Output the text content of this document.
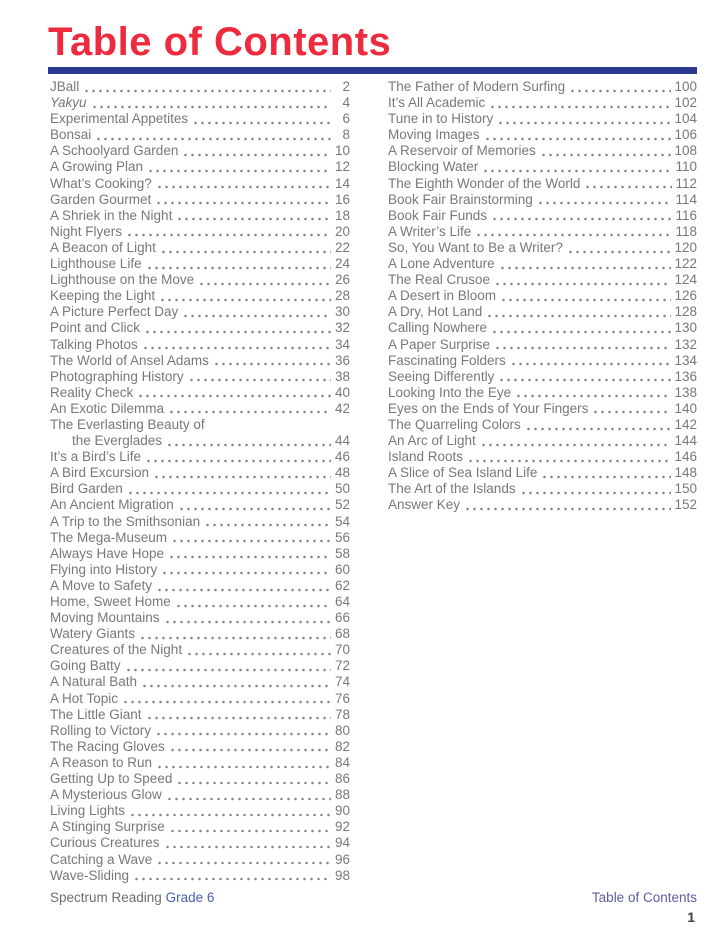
Table of Contents
JBall	2
Yakyu	4
Experimental Appetites	6
Bonsai	8
A Schoolyard Garden	10
A Growing Plan	12
What’s Cooking?	14
Garden Gourmet	16
A Shriek in the Night	18
Night Flyers	20
A Beacon of Light	22
Lighthouse Life	24
Lighthouse on the Move	26
Keeping the Light	28
A Picture Perfect Day	30
Point and Click	32
Talking Photos	34
The World of Ansel Adams	36
Photographing History	38
Reality Check	40
An Exotic Dilemma	42
The Everlasting Beauty of
the Everglades	44
It’s a Bird’s Life	46
A Bird Excursion	48
Bird Garden	50
An Ancient Migration	52
A Trip to the Smithsonian	54
The Mega-Museum	56
Always Have Hope	58
Flying into History	60
A Move to Safety	62
Home, Sweet Home	64
Moving Mountains	66
Watery Giants	68
Creatures of the Night	70
Going Batty	72
A Natural Bath	74
A Hot Topic	76
The Little Giant	78
Rolling to Victory	80
The Racing Gloves	82
A Reason to Run	84
Getting Up to Speed	86
A Mysterious Glow	88
Living Lights	90
A Stinging Surprise	92
Curious Creatures	94
Catching a Wave	96
Wave-Sliding	98
The Father of Modern Surfing	100
It’s All Academic	102
Tune in to History	104
Moving Images	106
A Reservoir of Memories	108
Blocking Water	110
The Eighth Wonder of the World	112
Book Fair Brainstorming	114
Book Fair Funds	116
A Writer’s Life	118
So, You Want to Be a Writer?	120
A Lone Adventure	122
The Real Crusoe	124
A Desert in Bloom	126
A Dry, Hot Land	128
Calling Nowhere	130
A Paper Surprise	132
Fascinating Folders	134
Seeing Differently	136
Looking Into the Eye	138
Eyes on the Ends of Your Fingers	140
The Quarreling Colors	142
An Arc of Light	144
Island Roots	146
A Slice of Sea Island Life	148
The Art of the Islands	150
Answer Key	152
Spectrum Reading Grade 6	Table of Contents
1
